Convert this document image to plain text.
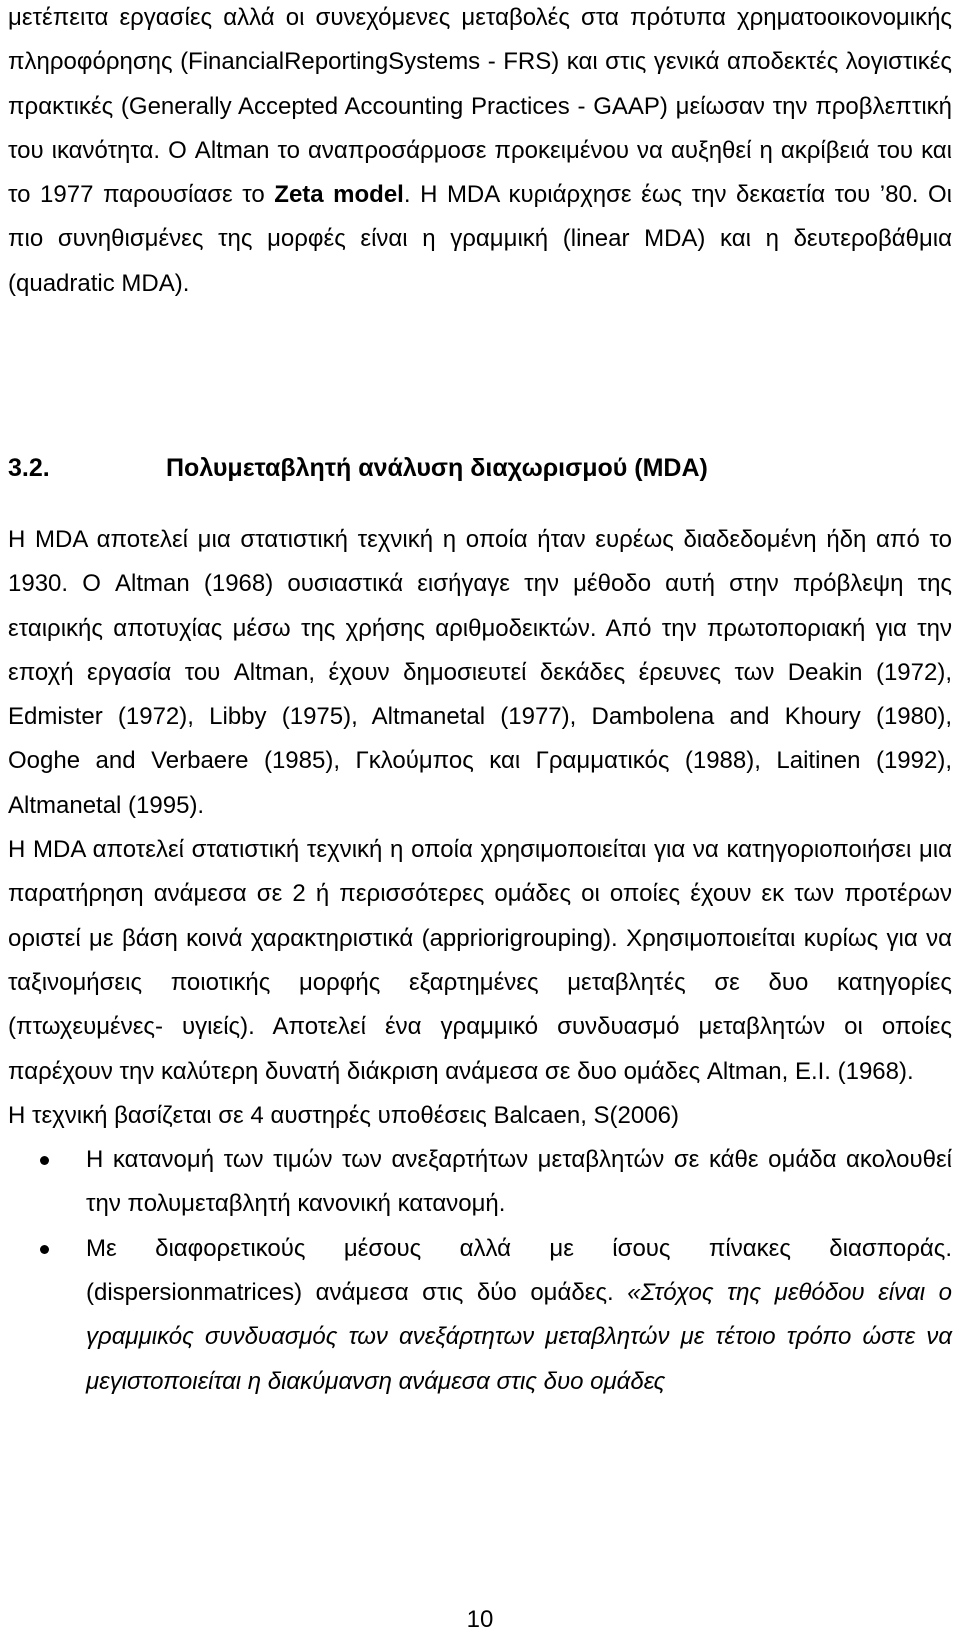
μετέπειτα εργασίες αλλά οι συνεχόμενες μεταβολές στα πρότυπα χρηματοοικονομικής πληροφόρησης (FinancialReportingSystems - FRS) και στις γενικά αποδεκτές λογιστικές πρακτικές (Generally Accepted Accounting Practices - GAAP) μείωσαν την προβλεπτική του ικανότητα. Ο Altman το αναπροσάρμοσε προκειμένου να αυξηθεί η ακρίβειά του και το 1977 παρουσίασε το Zeta model. Η MDA κυριάρχησε έως την δεκαετία του ’80. Οι πιο συνηθισμένες της μορφές είναι η γραμμική (linear MDA) και η δευτεροβάθμια (quadratic MDA).

3.2.	Πολυμεταβλητή ανάλυση διαχωρισμού (MDA)

Η MDA αποτελεί μια στατιστική τεχνική η οποία ήταν ευρέως διαδεδομένη ήδη από το 1930. Ο Altman (1968) ουσιαστικά εισήγαγε την μέθοδο αυτή στην πρόβλεψη της εταιρικής αποτυχίας μέσω της χρήσης αριθμοδεικτών. Από την πρωτοποριακή για την εποχή εργασία του Altman, έχουν δημοσιευτεί δεκάδες έρευνες των Deakin (1972), Edmister (1972), Libby (1975), Altmanetal (1977), Dambolena and Khoury (1980), Ooghe and Verbaere (1985), Γκλούμπος και Γραμματικός (1988), Laitinen (1992), Altmanetal (1995).

Η MDA αποτελεί στατιστική τεχνική η οποία χρησιμοποιείται για να κατηγοριοποιήσει μια παρατήρηση ανάμεσα σε 2 ή περισσότερες ομάδες οι οποίες έχουν εκ των προτέρων οριστεί με βάση κοινά χαρακτηριστικά (appriorigrouping). Χρησιμοποιείται κυρίως για να ταξινομήσεις ποιοτικής μορφής εξαρτημένες μεταβλητές σε δυο κατηγορίες (πτωχευμένες- υγιείς). Αποτελεί ένα γραμμικό συνδυασμό μεταβλητών οι οποίες παρέχουν την καλύτερη δυνατή διάκριση ανάμεσα σε δυο ομάδες Altman, E.I. (1968).

Η τεχνική βασίζεται σε 4 αυστηρές υποθέσεις Balcaen, S(2006)

Η κατανομή των τιμών των ανεξαρτήτων μεταβλητών σε κάθε ομάδα ακολουθεί την πολυμεταβλητή κανονική κατανομή.
Με διαφορετικούς μέσους αλλά με ίσους πίνακες διασποράς. (dispersionmatrices) ανάμεσα στις δύο ομάδες. «Στόχος της μεθόδου είναι ο γραμμικός συνδυασμός των ανεξάρτητων μεταβλητών με τέτοιο τρόπο ώστε να μεγιστοποιείται η διακύμανση ανάμεσα στις δυο ομάδες
10
